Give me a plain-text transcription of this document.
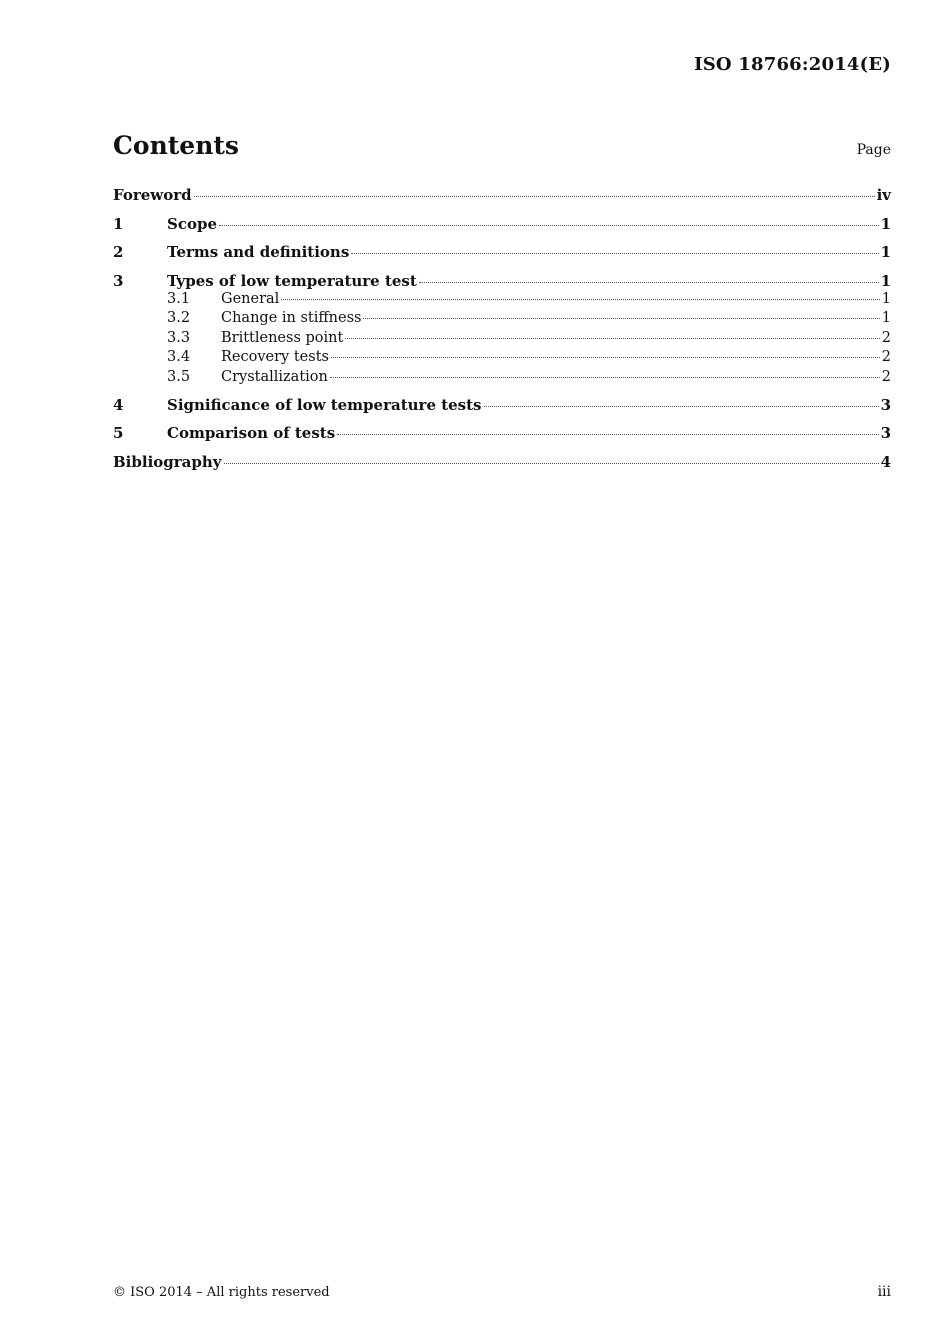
ISO 18766:2014(E)
Contents	Page
Foreword	iv
1	Scope	1
2	Terms and definitions	1
3	Types of low temperature test	1
3.1	General	1
3.2	Change in stiffness	1
3.3	Brittleness point	2
3.4	Recovery tests	2
3.5	Crystallization	2
4	Significance of low temperature tests	3
5	Comparison of tests	3
Bibliography	4
© ISO 2014 – All rights reserved	iii
